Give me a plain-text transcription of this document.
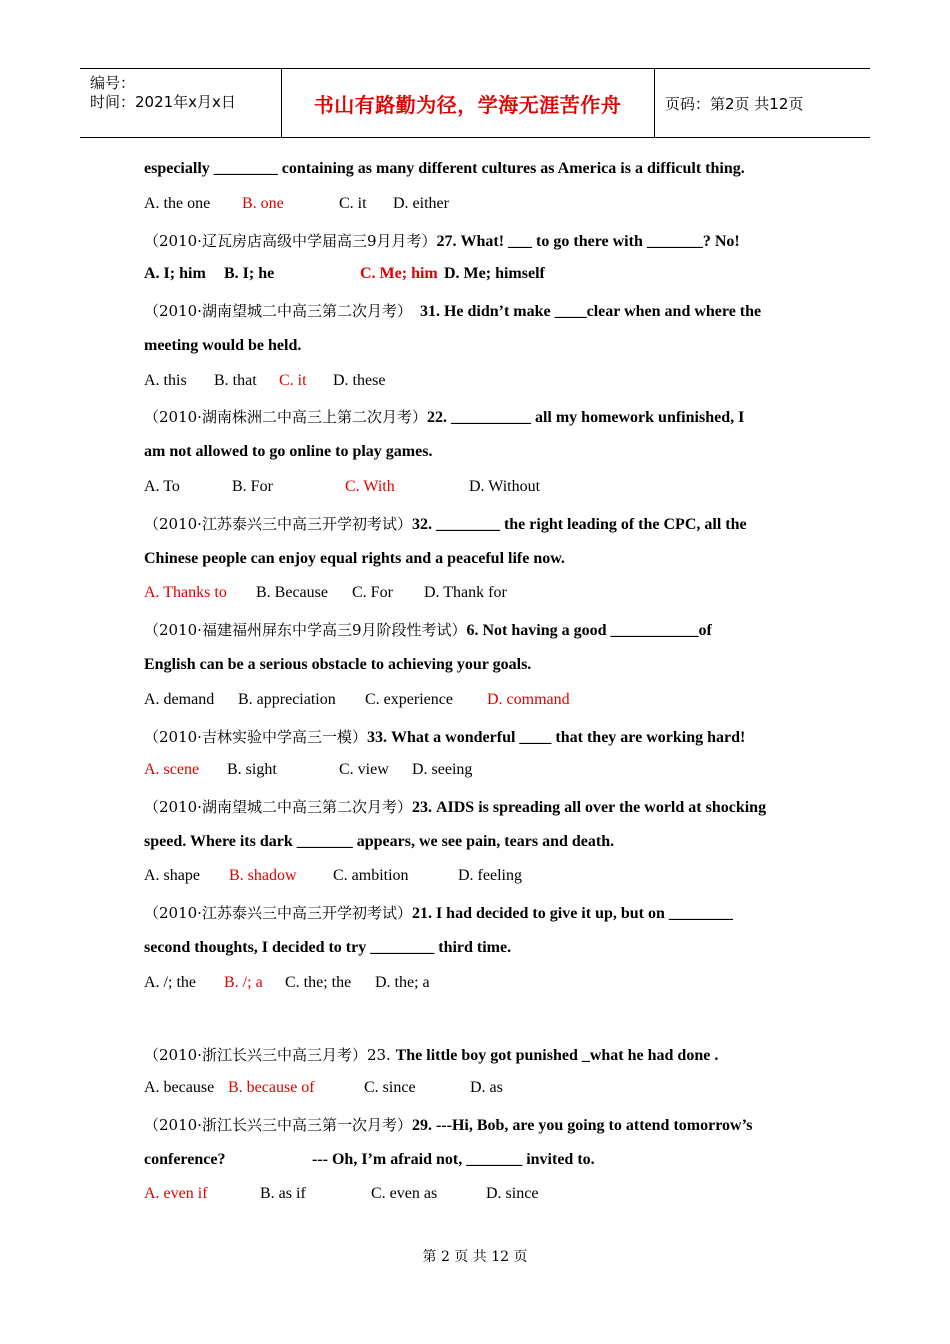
编号：
时间：2021年x月x日	书山有路勤为径，学海无涯苦作舟	页码：第2页 共12页
especially ________ containing as many different cultures as America is a difficult thing.
A. the one B. one	C. it D. either
（2010·辽瓦房店高级中学届高三9月月考）27. What! ___ to go there with _______? No!
A. I; him B. I; he	C. Me; him D. Me; himself
（2010·湖南望城二中高三第二次月考） 31. He didn’t make ____clear when and where the
meeting would be held.
A. this B. that C. it D. these
（2010·湖南株洲二中高三上第二次月考）22. __________ all my homework unfinished, I
am not allowed to go online to play games.
A. To	B. For	C. With	D. Without
（2010·江苏泰兴三中高三开学初考试）32. ________ the right leading of the CPC, all the
Chinese people can enjoy equal rights and a peaceful life now.
A. Thanks to B. Because C. For D. Thank for
（2010·福建福州屏东中学高三9月阶段性考试）6. Not having a good ___________of
English can be a serious obstacle to achieving your goals.
A. demand B. appreciation C. experience D. command
（2010·吉林实验中学高三一模）33. What a wonderful ____ that they are working hard!
A. scene B. sight	C. view D. seeing
（2010·湖南望城二中高三第二次月考）23. AIDS is spreading all over the world at shocking
speed. Where its dark _______ appears, we see pain, tears and death.
A. shape B. shadow C. ambition	D. feeling
（2010·江苏泰兴三中高三开学初考试）21. I had decided to give it up, but on ________
second thoughts, I decided to try ________ third time.
A. /; the B. /; a C. the; the D. the; a
（2010·浙江长兴三中高三月考）23. The little boy got punished _what he had done .
A. because B. because of	C. since	D. as
（2010·浙江长兴三中高三第一次月考）29. ---Hi, Bob, are you going to attend tomorrow’s
conference?	--- Oh, I’m afraid not, _______ invited to.
A. even if	B. as if	C. even as	D. since
第 2 页 共 12 页
